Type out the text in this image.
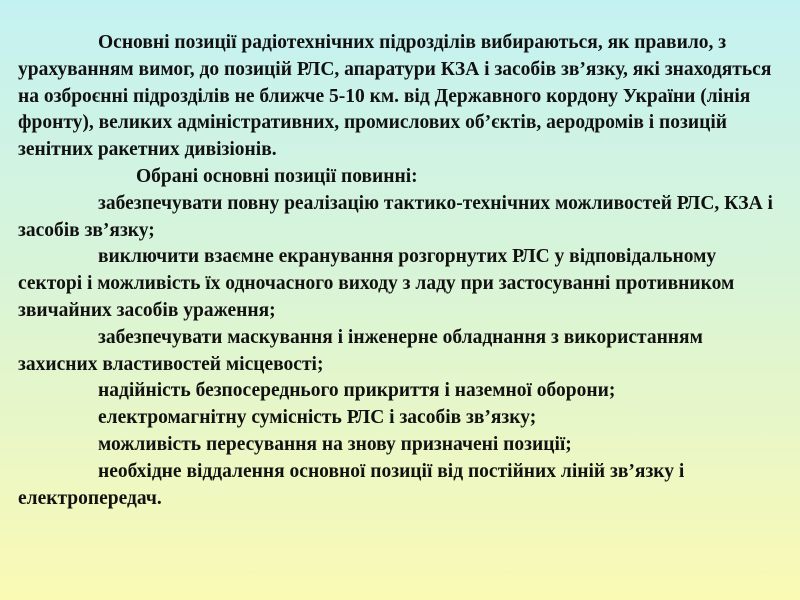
Основні позиції радіотехнічних підрозділів вибираються, як правило, з урахуванням вимог, до позицій РЛС, апаратури КЗА і засобів зв’язку, які знаходяться на озброєнні підрозділів не ближче 5-10 км. від Державного кордону України (лінія фронту), великих адміністративних, промислових об’єктів, аеродромів і позицій зенітних ракетних дивізіонів.

Обрані основні позиції повинні:

забезпечувати повну реалізацію тактико-технічних можливостей РЛС, КЗА і засобів зв’язку;

виключити взаємне екранування розгорнутих РЛС у відповідальному секторі і можливість їх одночасного виходу з ладу при застосуванні противником звичайних засобів ураження;

забезпечувати маскування і інженерне обладнання з використанням захисних властивостей місцевості;

надійність безпосереднього прикриття і наземної оборони;

електромагнітну сумісність РЛС і засобів зв’язку;

можливість пересування на знову призначені позиції;

необхідне віддалення основної позиції від постійних ліній зв’язку і електропередач.
